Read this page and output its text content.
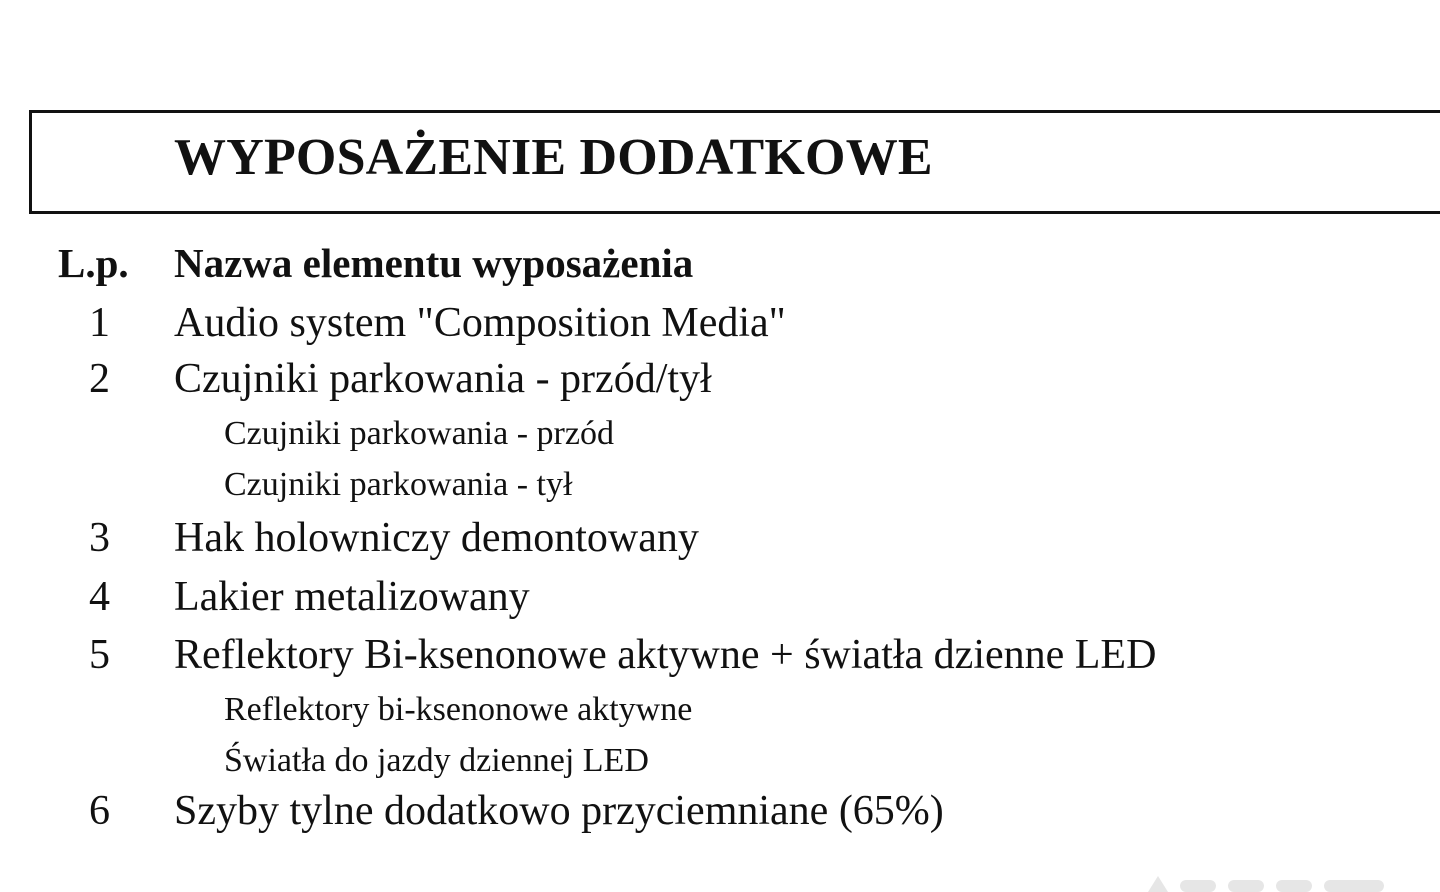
WYPOSAŻENIE DODATKOWE
L.p. Nazwa elementu wyposażenia
1 Audio system "Composition Media"
2 Czujniki parkowania - przód/tył
Czujniki parkowania - przód
Czujniki parkowania - tył
3 Hak holowniczy demontowany
4 Lakier metalizowany
5 Reflektory Bi-ksenonowe aktywne + światła dzienne LED
Reflektory bi-ksenonowe aktywne
Światła do jazdy dziennej LED
6 Szyby tylne dodatkowo przyciemniane (65%)
